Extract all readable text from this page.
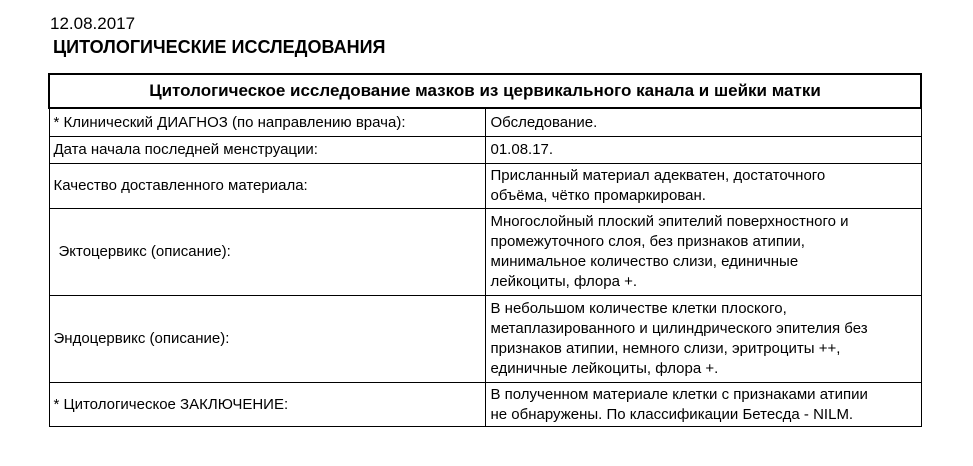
12.08.2017
ЦИТОЛОГИЧЕСКИЕ ИССЛЕДОВАНИЯ
Цитологическое исследование мазков из цервикального канала и шейки матки	
* Клинический ДИАГНОЗ (по направлению врача):	Обследование.

Дата начала последней менструации:	01.08.17.

Качество доставленного материала:	Присланный материал адекватен, достаточного
объёма, чётко промаркирован.

Эктоцервикс (описание):	Многослойный плоский эпителий поверхностного и
промежуточного слоя, без признаков атипии,
минимальное количество слизи, единичные
лейкоциты, флора +.

Эндоцервикс (описание):	В небольшом количестве клетки плоского,
метаплазированного и цилиндрического эпителия без
признаков атипии, немного слизи, эритроциты ++,
единичные лейкоциты, флора +.

* Цитологическое ЗАКЛЮЧЕНИЕ:	В полученном материале клетки с признаками атипии
не обнаружены. По классификации Бетесда - NILM.
